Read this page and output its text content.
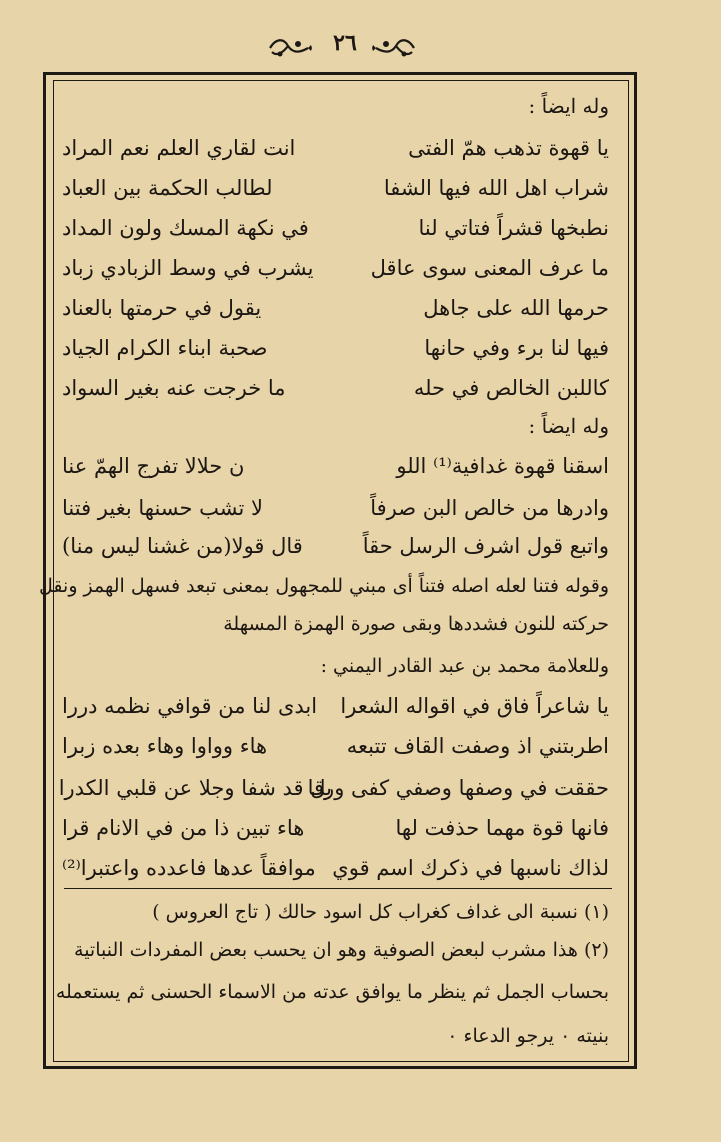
٢٦
وله ايضاً :
يا قهوة تذهب همّ الفتى
انت لقاري العلم نعم المراد
شراب اهل الله فيها الشفا
لطالب الحكمة بين العباد
نطبخها قشراً فتاتي لنا
في نكهة المسك ولون المداد
ما عرف المعنى سوى عاقل
يشرب في وسط الزبادي زباد
حرمها الله على جاهل
يقول في حرمتها بالعناد
فيها لنا برء وفي حانها
صحبة ابناء الكرام الجياد
كاللبن الخالص في حله
ما خرجت عنه بغير السواد
وله ايضاً :
اسقنا قهوة غدافية⁽¹⁾ اللو
ن حلالا تفرج الهمّ عنا
وادرها من خالص البن صرفاً
لا تشب حسنها بغير فتنا
واتبع قول اشرف الرسل حقاً
قال قولا(من غشنا ليس منا)
وقوله فتنا لعله اصله فتناً أى مبني للمجهول بمعنى تبعد فسهل الهمز ونقل
حركته للنون فشددها وبقى صورة الهمزة المسهلة
وللعلامة محمد بن عبد القادر اليمني :
يا شاعراً فاق في اقواله الشعرا
ابدى لنا من قوافي نظمه دررا
اطربتني اذ وصفت القاف تتبعه
هاء وواوا وهاء بعده زبرا
حققت في وصفها وصفي كفى ورقا
بل قد شفا وجلا عن قلبي الكدرا
فانها قوة مهما حذفت لها
هاء تبين ذا من في الانام قرا
لذاك ناسبها في ذكرك اسم قوي
موافقاً عدها فاعدده واعتبرا⁽²⁾
(١) نسبة الى غداف كغراب كل اسود حالك ( تاج العروس )
(٢) هذا مشرب لبعض الصوفية وهو ان يحسب بعض المفردات النباتية
بحساب الجمل ثم ينظر ما يوافق عدته من الاسماء الحسنى ثم يستعمله
بنيته ٠ يرجو الدعاء ٠
